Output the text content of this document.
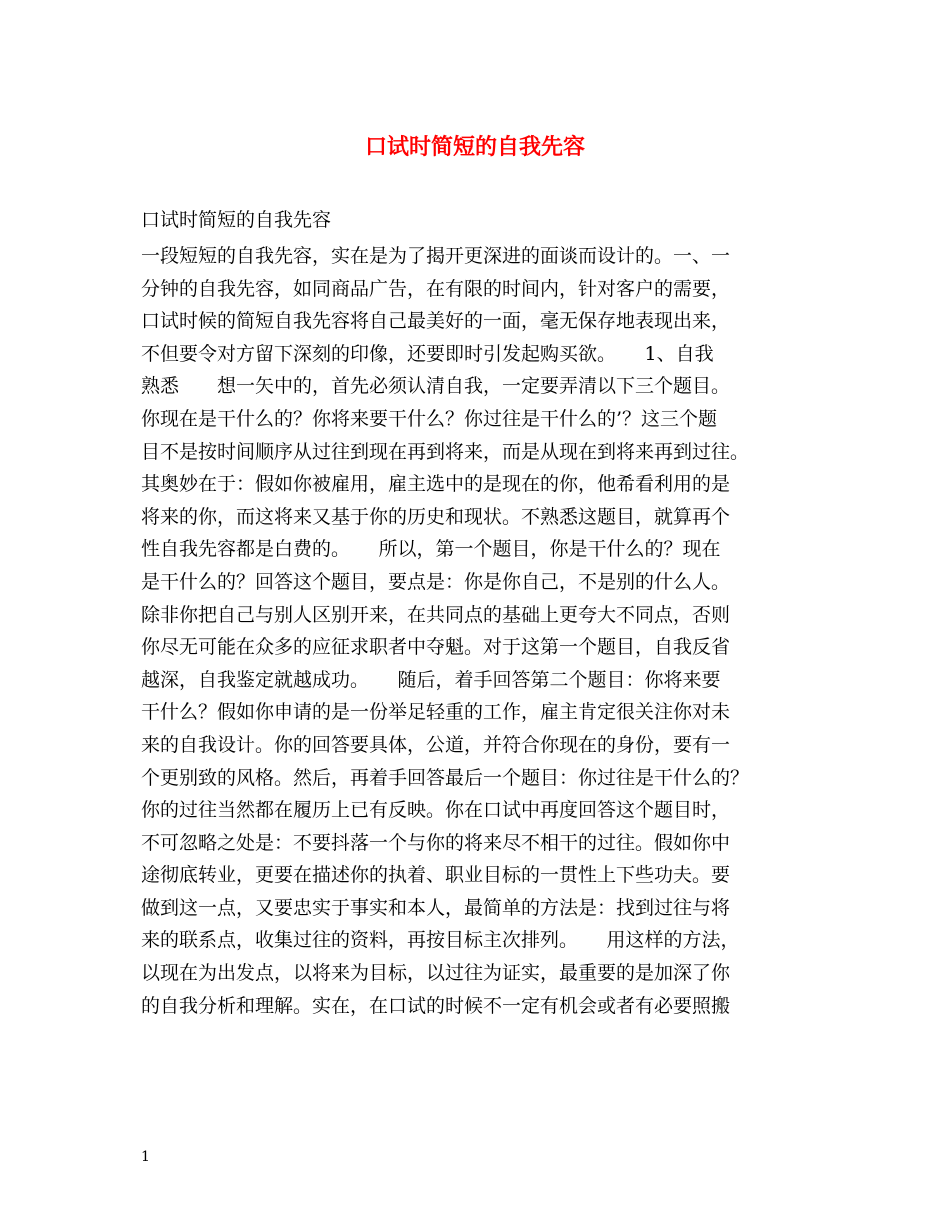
口试时简短的自我先容
口试时简短的自我先容
一段短短的自我先容，实在是为了揭开更深进的面谈而设计的。一、一
分钟的自我先容，如同商品广告，在有限的时间内，针对客户的需要，
口试时候的简短自我先容将自己最美好的一面，毫无保存地表现出来，
不但要令对方留下深刻的印像，还要即时引发起购买欲。　　1、自我
熟悉　　想一矢中的，首先必须认清自我，一定要弄清以下三个题目。
你现在是干什么的？你将来要干什么？你过往是干什么的’？这三个题
目不是按时间顺序从过往到现在再到将来，而是从现在到将来再到过往。
其奥妙在于：假如你被雇用，雇主选中的是现在的你，他希看利用的是
将来的你，而这将来又基于你的历史和现状。不熟悉这题目，就算再个
性自我先容都是白费的。　　所以，第一个题目，你是干什么的？现在
是干什么的？回答这个题目，要点是：你是你自己，不是别的什么人。
除非你把自己与别人区别开来，在共同点的基础上更夸大不同点，否则
你尽无可能在众多的应征求职者中夺魁。对于这第一个题目，自我反省
越深，自我鉴定就越成功。　　随后，着手回答第二个题目：你将来要
干什么？假如你申请的是一份举足轻重的工作，雇主肯定很关注你对未
来的自我设计。你的回答要具体，公道，并符合你现在的身份，要有一
个更别致的风格。然后，再着手回答最后一个题目：你过往是干什么的？
你的过往当然都在履历上已有反映。你在口试中再度回答这个题目时，
不可忽略之处是：不要抖落一个与你的将来尽不相干的过往。假如你中
途彻底转业，更要在描述你的执着、职业目标的一贯性上下些功夫。要
做到这一点，又要忠实于事实和本人，最简单的方法是：找到过往与将
来的联系点，收集过往的资料，再按目标主次排列。　　用这样的方法，
以现在为出发点，以将来为目标，以过往为证实，最重要的是加深了你
的自我分析和理解。实在，在口试的时候不一定有机会或者有必要照搬
1
